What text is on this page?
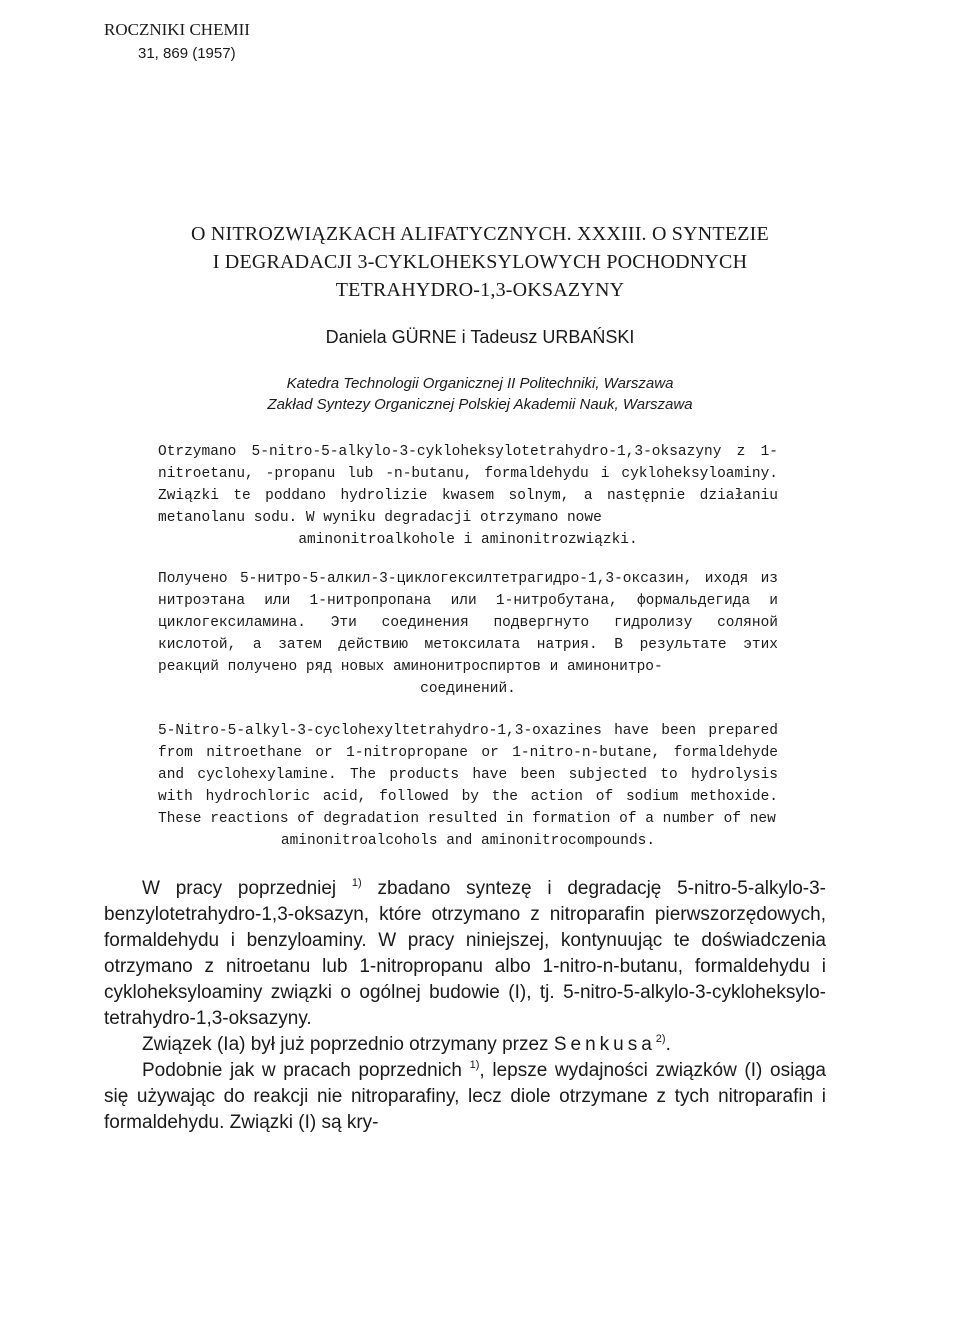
ROCZNIKI CHEMII
31, 869 (1957)
O NITROZWIĄZKACH ALIFATYCZNYCH. XXXIII. O SYNTEZIE
I DEGRADACJI 3-CYKLOHEKSYLOWYCH POCHODNYCH
TETRAHYDRO-1,3-OKSAZYNY
Daniela GÜRNE i Tadeusz URBAŃSKI
Katedra Technologii Organicznej II Politechniki, Warszawa
Zakład Syntezy Organicznej Polskiej Akademii Nauk, Warszawa
Otrzymano 5-nitro-5-alkylo-3-cykloheksylotetrahydro-1,3-oksazyny z 1-nitroetanu, -propanu lub -n-butanu, formaldehydu i cykloheksyloaminy. Związki te poddano hydrolizie kwasem solnym, a następnie działaniu metanolanu sodu. W wyniku degradacji otrzymano nowe
aminonitroalkohole i aminonitrozwiązki.
Получено 5-нитро-5-алкил-3-циклогексилтетрагидро-1,3-оксазин, иходя из нитроэтана или 1-нитропропана или 1-нитробутана, формальдегида и циклогексиламина. Эти соединения подвергнуто гидролизу соляной кислотой, а затем действию метоксилата натрия. В результате этих реакций получено ряд новых аминонитроспиртов и аминонитро-
соединений.
5-Nitro-5-alkyl-3-cyclohexyltetrahydro-1,3-oxazines have been prepared from nitroethane or 1-nitropropane or 1-nitro-n-butane, formaldehyde and cyclohexylamine. The products have been subjected to hydrolysis with hydrochloric acid, followed by the action of sodium methoxide. These reactions of degradation resulted in formation of a number of new
aminonitroalcohols and aminonitrocompounds.

W pracy poprzedniej $^{1)}$ zbadano syntezę i degradację 5-nitro-5-alkylo-3-benzylotetrahydro-1,3-oksazyn, które otrzymano z nitroparafin pierwszorzędowych, formaldehydu i benzyloaminy. W pracy niniejszej, kontynuując te doświadczenia otrzymano z nitroetanu lub 1-nitropropanu albo 1-nitro-n-butanu, formaldehydu i cykloheksyloaminy związki o ogólnej budowie (I), tj. 5-nitro-5-alkylo-3-cykloheksylo-tetrahydro-1,3-oksazyny.

Związek (Ia) był już poprzednio otrzymany przez Senkusa$^{2)}$.

Podobnie jak w pracach poprzednich $^{1)}$, lepsze wydajności związków (I) osiąga się używając do reakcji nie nitroparafiny, lecz diole otrzymane z tych nitroparafin i formaldehydu. Związki (I) są kry-
